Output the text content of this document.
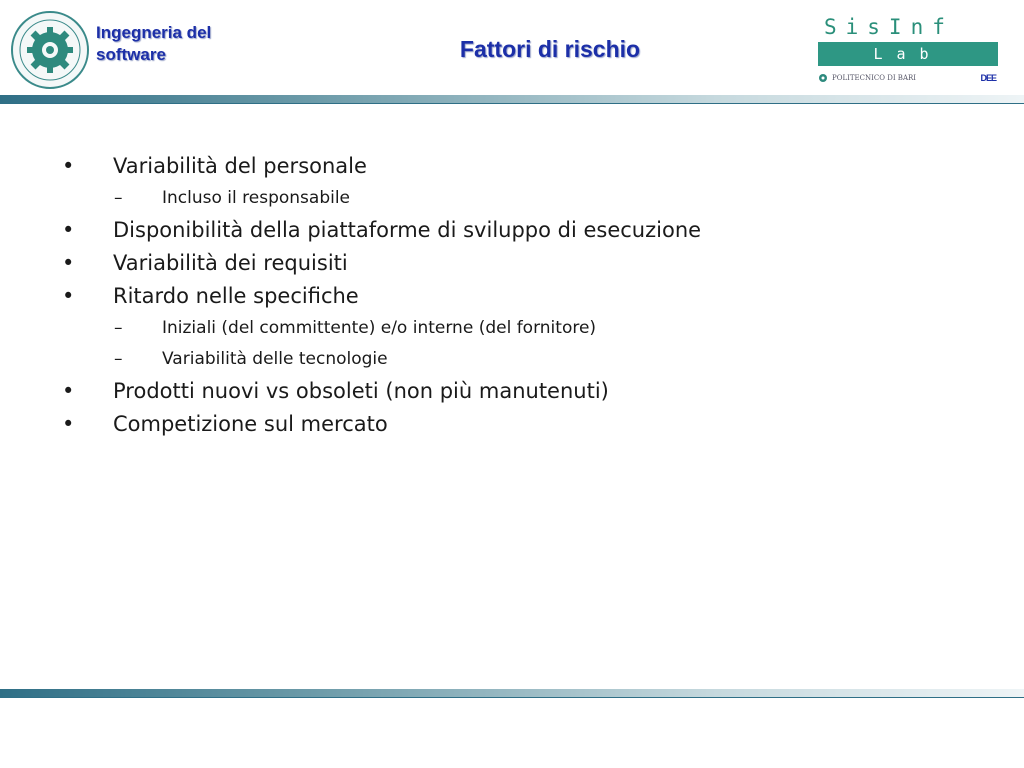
Ingegneria del
software	Fattori di rischio
SisInf
Lab
POLITECNICO DI BARI	DEE
•	Variabilità del personale
–	Incluso il responsabile
•	Disponibilità della piattaforme di sviluppo di esecuzione
•	Variabilità dei requisiti
•	Ritardo nelle specifiche
–	Iniziali (del committente) e/o interne (del fornitore)
–	Variabilità delle tecnologie
•	Prodotti nuovi vs obsoleti (non più manutenuti)
•	Competizione sul mercato
